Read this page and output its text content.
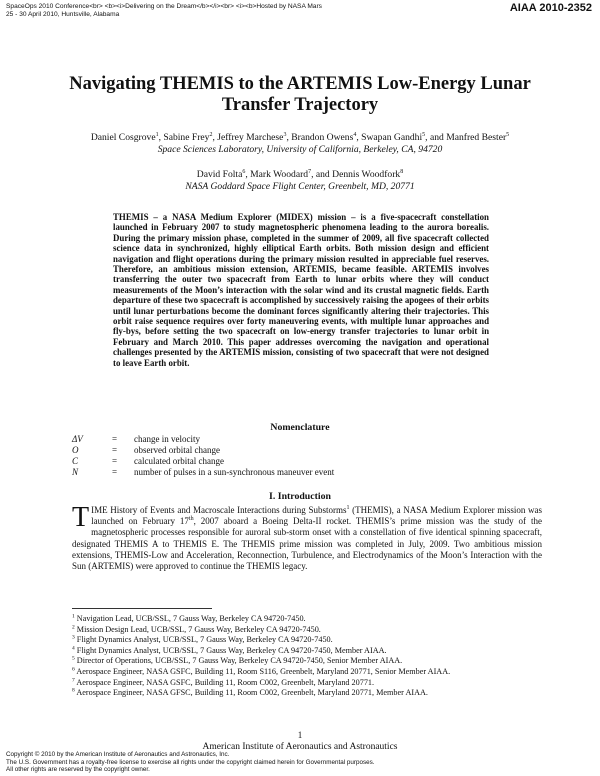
SpaceOps 2010 Conference<br> <b><i>Delivering on the Dream</b></i><br> <i><b>Hosted by NASA Mars
25 - 30 April 2010, Huntsville, Alabama
AIAA 2010-2352
Navigating THEMIS to the ARTEMIS Low-Energy Lunar
Transfer Trajectory
Daniel Cosgrove$^1$, Sabine Frey$^2$, Jeffrey Marchese$^3$, Brandon Owens$^4$, Swapan Gandhi$^5$, and Manfred Bester$^5$
Space Sciences Laboratory, University of California, Berkeley, CA, 94720
David Folta$^6$, Mark Woodard$^7$, and Dennis Woodfork$^8$
NASA Goddard Space Flight Center, Greenbelt, MD, 20771
THEMIS – a NASA Medium Explorer (MIDEX) mission – is a five-spacecraft constellation launched in February 2007 to study magnetospheric phenomena leading to the aurora borealis. During the primary mission phase, completed in the summer of 2009, all five spacecraft collected science data in synchronized, highly elliptical Earth orbits. Both mission design and efficient navigation and flight operations during the primary mission resulted in appreciable fuel reserves. Therefore, an ambitious mission extension, ARTEMIS, became feasible. ARTEMIS involves transferring the outer two spacecraft from Earth to lunar orbits where they will conduct measurements of the Moon’s interaction with the solar wind and its crustal magnetic fields. Earth departure of these two spacecraft is accomplished by successively raising the apogees of their orbits until lunar perturbations become the dominant forces significantly altering their trajectories. This orbit raise sequence requires over forty maneuvering events, with multiple lunar approaches and fly-bys, before setting the two spacecraft on low-energy transfer trajectories to lunar orbit in February and March 2010. This paper addresses overcoming the navigation and operational challenges presented by the ARTEMIS mission, consisting of two spacecraft that were not designed to leave Earth orbit.
Nomenclature
ΔV	= change in velocity
O	= observed orbital change
C	= calculated orbital change
N	= number of pulses in a sun-synchronous maneuver event
I. Introduction
TIME History of Events and Macroscale Interactions during Substorms$^1$ (THEMIS), a NASA Medium Explorer mission was launched on February 17th, 2007 aboard a Boeing Delta-II rocket. THEMIS’s prime mission was the study of the magnetospheric processes responsible for auroral sub-storm onset with a constellation of five identical spinning spacecraft, designated THEMIS A to THEMIS E. The THEMIS prime mission was completed in July, 2009. Two ambitious mission extensions, THEMIS-Low and Acceleration, Reconnection, Turbulence, and Electrodynamics of the Moon’s Interaction with the Sun (ARTEMIS) were approved to continue the THEMIS legacy.
$^1$ Navigation Lead, UCB/SSL, 7 Gauss Way, Berkeley CA 94720-7450.
$^2$ Mission Design Lead, UCB/SSL, 7 Gauss Way, Berkeley CA 94720-7450.
$^3$ Flight Dynamics Analyst, UCB/SSL, 7 Gauss Way, Berkeley CA 94720-7450.
$^4$ Flight Dynamics Analyst, UCB/SSL, 7 Gauss Way, Berkeley CA 94720-7450, Member AIAA.
$^5$ Director of Operations, UCB/SSL, 7 Gauss Way, Berkeley CA 94720-7450, Senior Member AIAA.
$^6$ Aerospace Engineer, NASA GSFC, Building 11, Room S116, Greenbelt, Maryland 20771, Senior Member AIAA.
$^7$ Aerospace Engineer, NASA GSFC, Building 11, Room C002, Greenbelt, Maryland 20771.
$^8$ Aerospace Engineer, NASA GFSC, Building 11, Room C002, Greenbelt, Maryland 20771, Member AIAA.
1
American Institute of Aeronautics and Astronautics
Copyright © 2010 by the American Institute of Aeronautics and Astronautics, Inc.
The U.S. Government has a royalty-free license to exercise all rights under the copyright claimed herein for Governmental purposes.
All other rights are reserved by the copyright owner.
